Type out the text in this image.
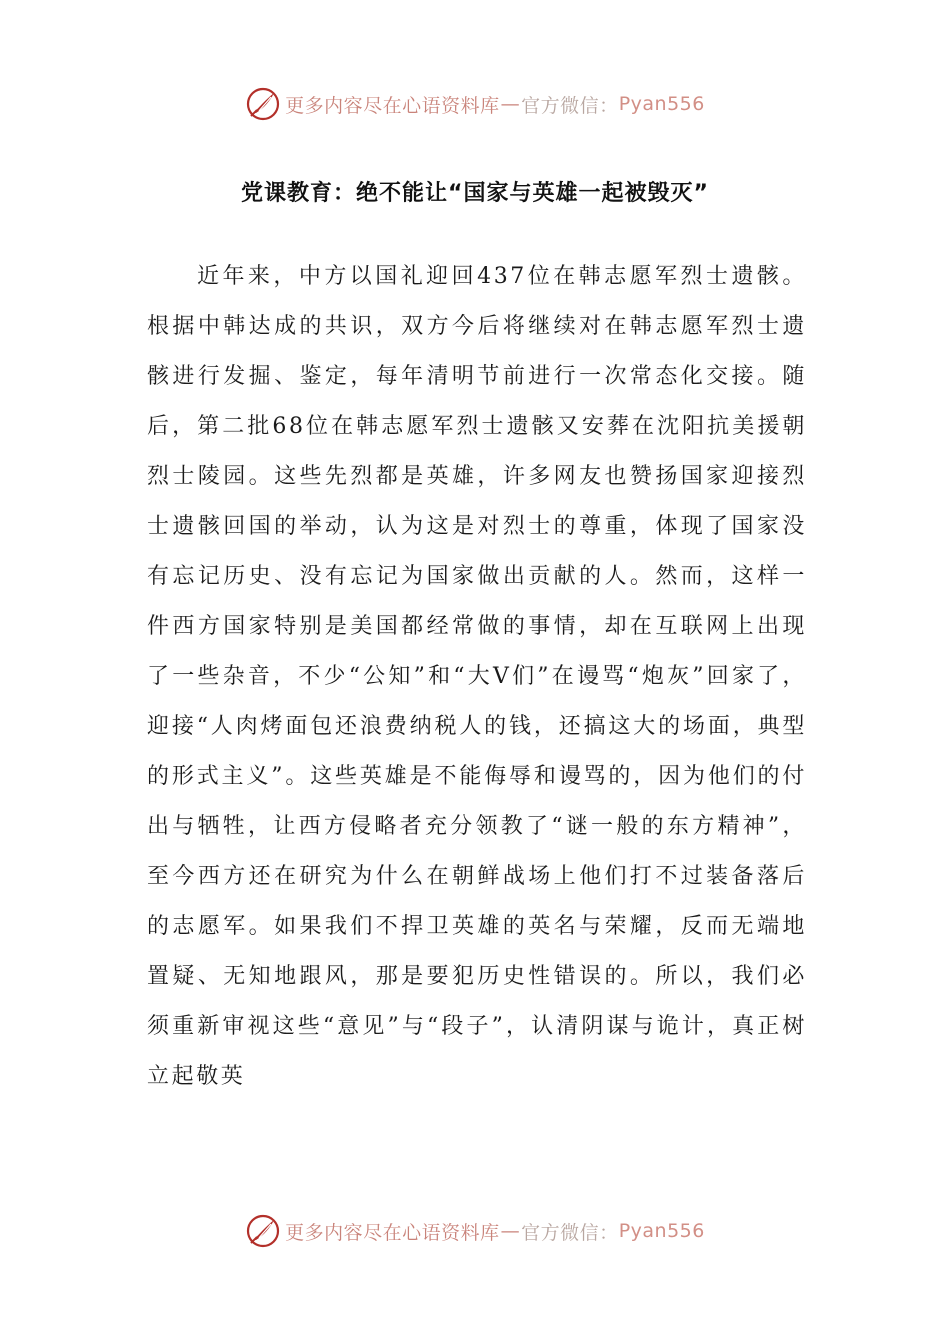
更多内容尽在心语资料库 — 官方微信： Pyan556
党课教育：绝不能让“国家与英雄一起被毁灭”

近年来，中方以国礼迎回437位在韩志愿军烈士遗骸。根据中韩达成的共识，双方今后将继续对在韩志愿军烈士遗骸进行发掘、鉴定，每年清明节前进行一次常态化交接。随后，第二批68位在韩志愿军烈士遗骸又安葬在沈阳抗美援朝烈士陵园。这些先烈都是英雄，许多网友也赞扬国家迎接烈士遗骸回国的举动，认为这是对烈士的尊重，体现了国家没有忘记历史、没有忘记为国家做出贡献的人。然而，这样一件西方国家特别是美国都经常做的事情，却在互联网上出现了一些杂音，不少“公知”和“大V们”在谩骂“炮灰”回家了，迎接“人肉烤面包还浪费纳税人的钱，还搞这大的场面，典型的形式主义”。这些英雄是不能侮辱和谩骂的，因为他们的付出与牺牲，让西方侵略者充分领教了“谜一般的东方精神”，至今西方还在研究为什么在朝鲜战场上他们打不过装备落后的志愿军。如果我们不捍卫英雄的英名与荣耀，反而无端地置疑、无知地跟风，那是要犯历史性错误的。所以，我们必须重新审视这些“意见”与“段子”，认清阴谋与诡计，真正树立起敬英

更多内容尽在心语资料库 — 官方微信： Pyan556
